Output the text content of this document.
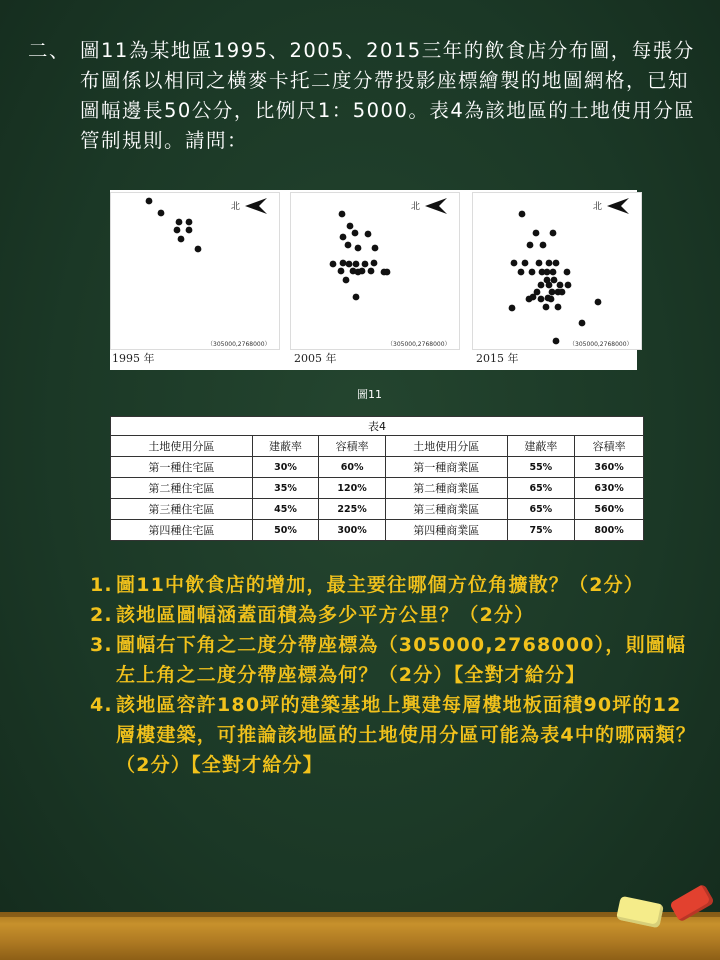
二、 圖11為某地區1995、2005、2015三年的飲食店分布圖，每張分布圖係以相同之橫麥卡托二度分帶投影座標繪製的地圖網格，已知圖幅邊長50公分，比例尺1：5000。表4為該地區的土地使用分區管制規則。請問：
北
（305000,2768000）
1995 年
北
（305000,2768000）
2005 年
北
（305000,2768000）
2015 年
圖11
表4					
土地使用分區	建蔽率	容積率	土地使用分區	建蔽率	容積率
第一種住宅區	30%	60%	第一種商業區	55%	360%
第二種住宅區	35%	120%	第二種商業區	65%	630%
第三種住宅區	45%	225%	第三種商業區	65%	560%
第四種住宅區	50%	300%	第四種商業區	75%	800%
1. 圖11中飲食店的增加，最主要往哪個方位角擴散？（2分）
2. 該地區圖幅涵蓋面積為多少平方公里？（2分）
3. 圖幅右下角之二度分帶座標為（305000,2768000），則圖幅左上角之二度分帶座標為何？（2分）【全對才給分】
4. 該地區容許180坪的建築基地上興建每層樓地板面積90坪的12層樓建築，可推論該地區的土地使用分區可能為表4中的哪兩類？（2分）【全對才給分】
